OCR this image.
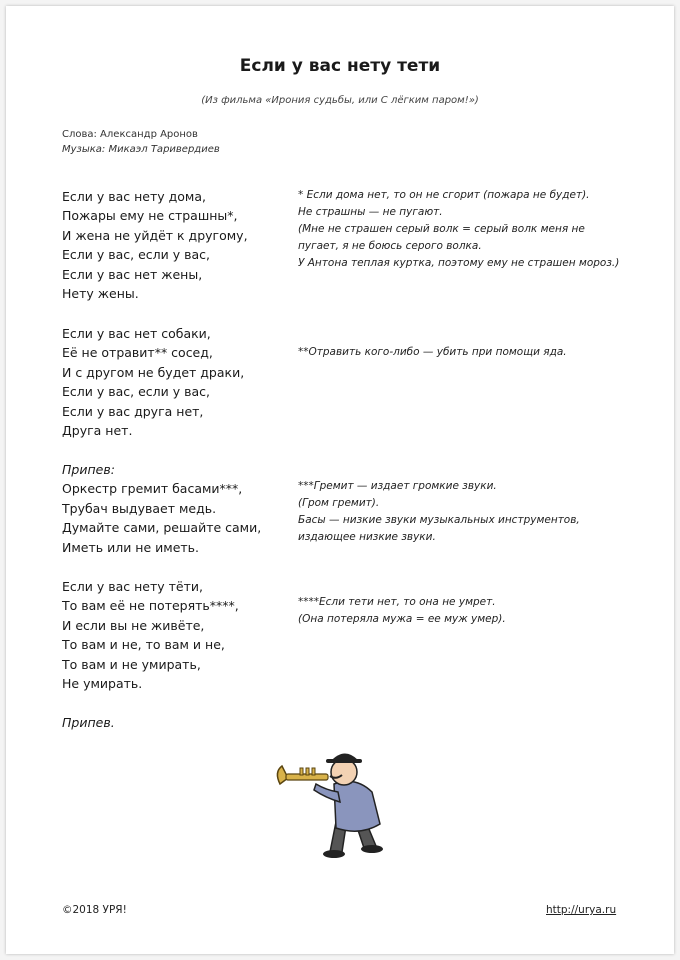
Если у вас нету тети
(Из фильма «Ирония судьбы, или С лёгким паром!»)
Слова: Александр Аронов
Музыка: Микаэл Таривердиев
Если у вас нету дома,
Пожары ему не страшны*,
И жена не уйдёт к другому,
Если у вас, если у вас,
Если у вас нет жены,
Нету жены.
Если у вас нет собаки,
Её не отравит** сосед,
И с другом не будет драки,
Если у вас, если у вас,
Если у вас друга нет,
Друга нет.
Припев:
Оркестр гремит басами***,
Трубач выдувает медь.
Думайте сами, решайте сами,
Иметь или не иметь.
Если у вас нету тёти,
То вам её не потерять****,
И если вы не живёте,
То вам и не, то вам и не,
То вам и не умирать,
Не умирать.
Припев.
* Если дома нет, то он не сгорит (пожара не будет).
Не страшны — не пугают.
(Мне не страшен серый волк = серый волк меня не пугает, я не боюсь серого волка.
У Антона теплая куртка, поэтому ему не страшен мороз.)
**Отравить кого-либо — убить при помощи яда.
***Гремит — издает громкие звуки.
(Гром гремит).
Басы — низкие звуки музыкальных инструментов, издающее низкие звуки.
****Если тети нет, то она не умрет.
(Она потеряла мужа = ее муж умер).
©2018 УРЯ!	http://urya.ru
